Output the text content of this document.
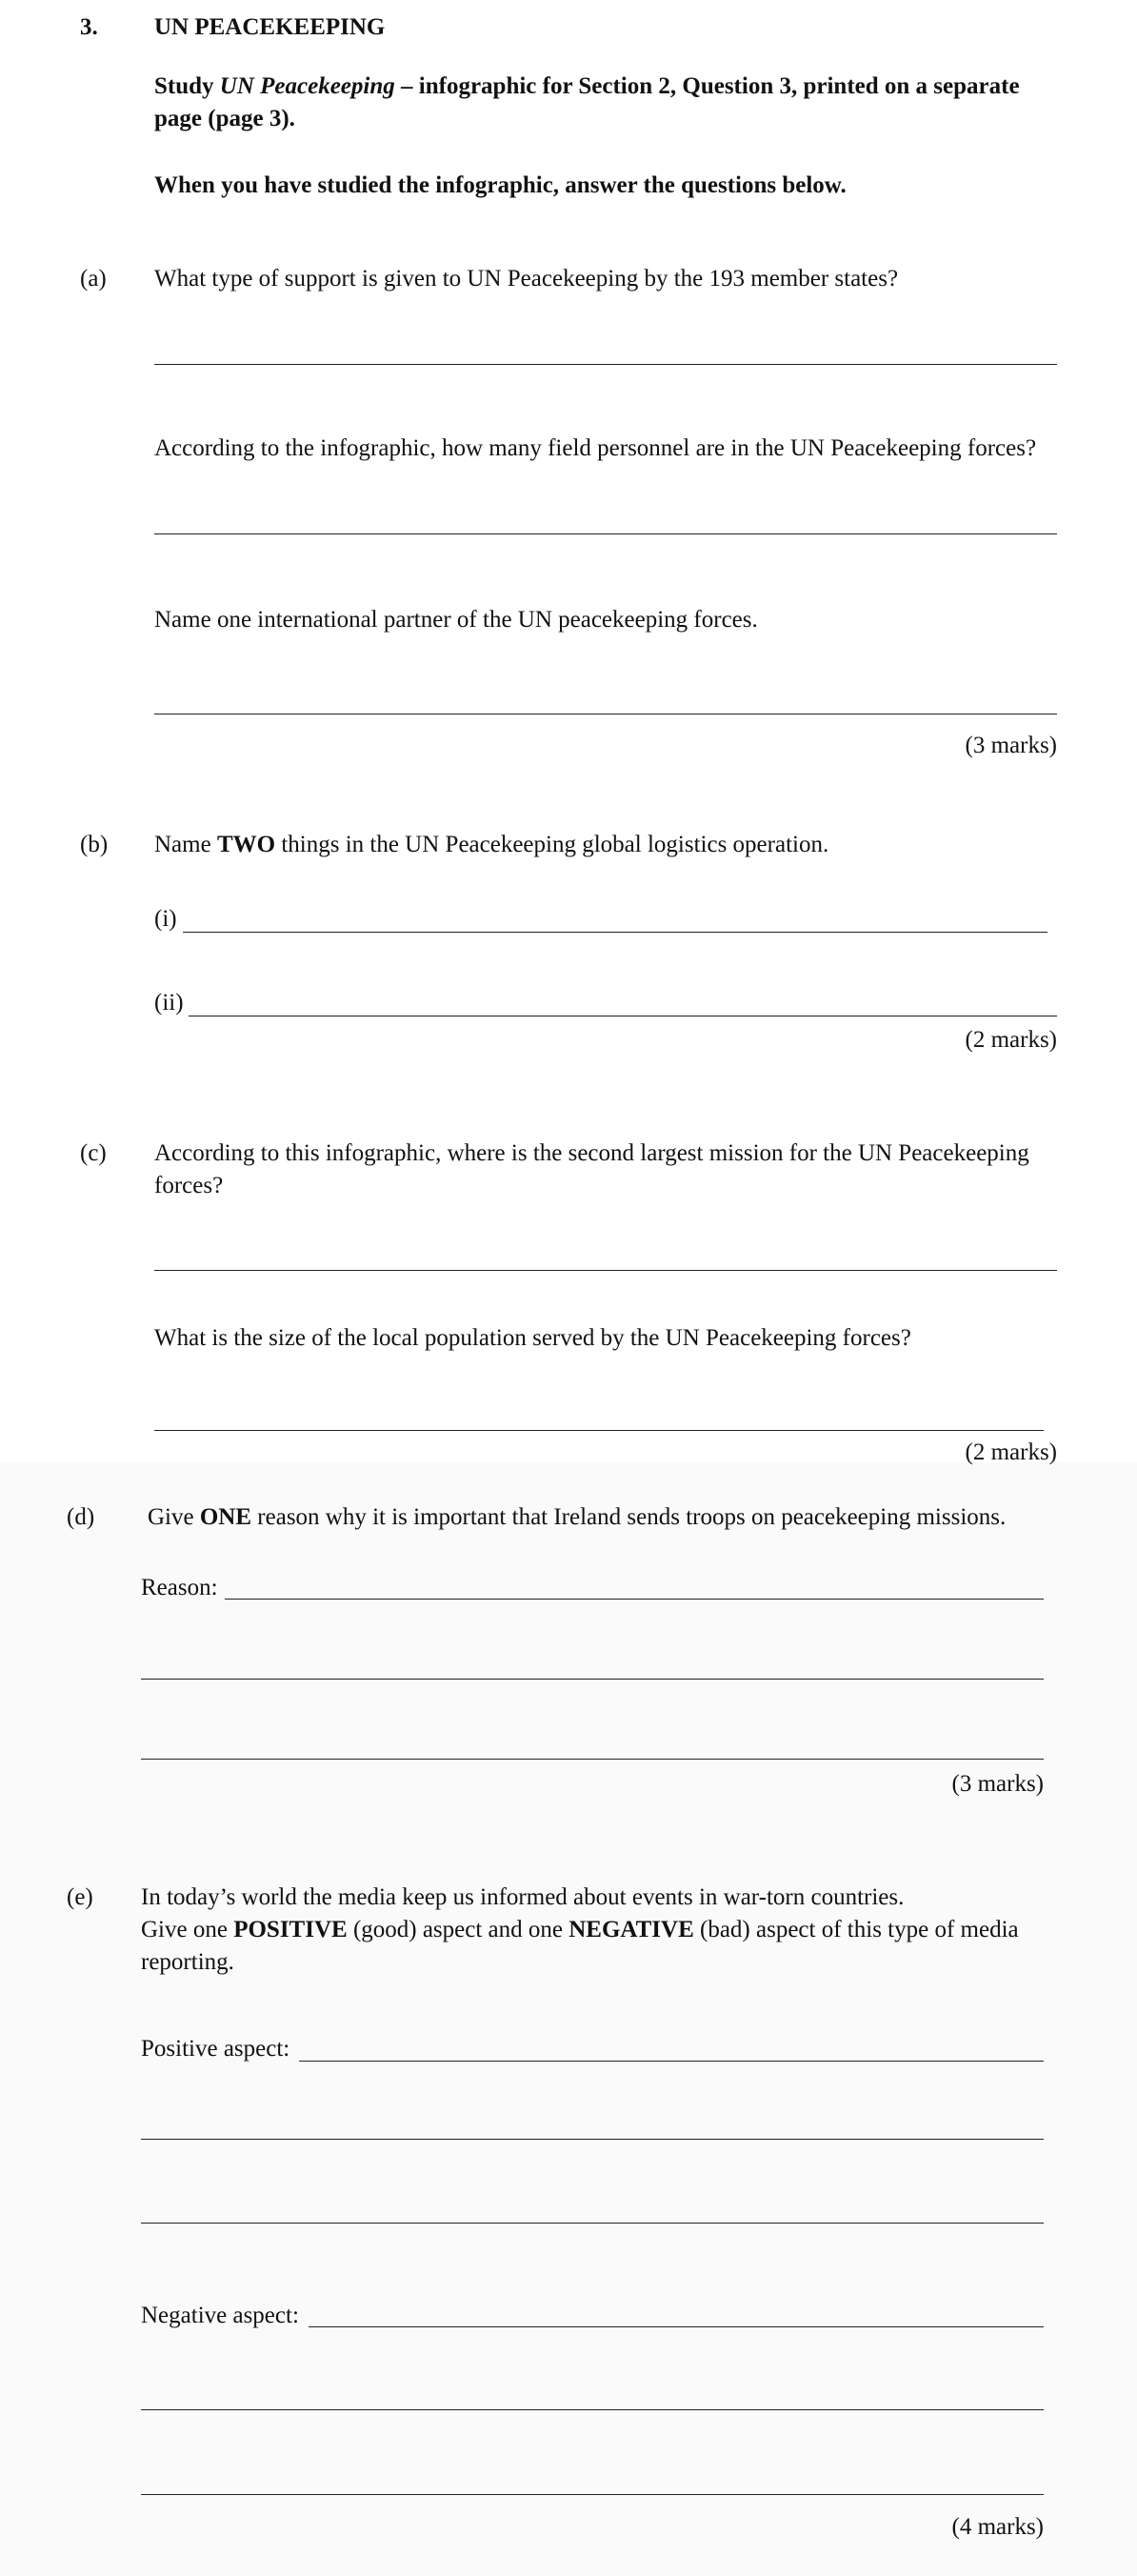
3. UN PEACEKEEPING
Study UN Peacekeeping – infographic for Section 2, Question 3, printed on a separate page (page 3).
When you have studied the infographic, answer the questions below.
(a) What type of support is given to UN Peacekeeping by the 193 member states?
According to the infographic, how many field personnel are in the UN Peacekeeping forces?
Name one international partner of the UN peacekeeping forces.
(3 marks)
(b) Name TWO things in the UN Peacekeeping global logistics operation.
(i)
(ii)
(2 marks)
(c) According to this infographic, where is the second largest mission for the UN Peacekeeping forces?
What is the size of the local population served by the UN Peacekeeping forces?
(2 marks)
(d) Give ONE reason why it is important that Ireland sends troops on peacekeeping missions.
Reason:
(3 marks)
(e) In today’s world the media keep us informed about events in war-torn countries.
Give one POSITIVE (good) aspect and one NEGATIVE (bad) aspect of this type of media reporting.
Positive aspect:
Negative aspect:
(4 marks)
